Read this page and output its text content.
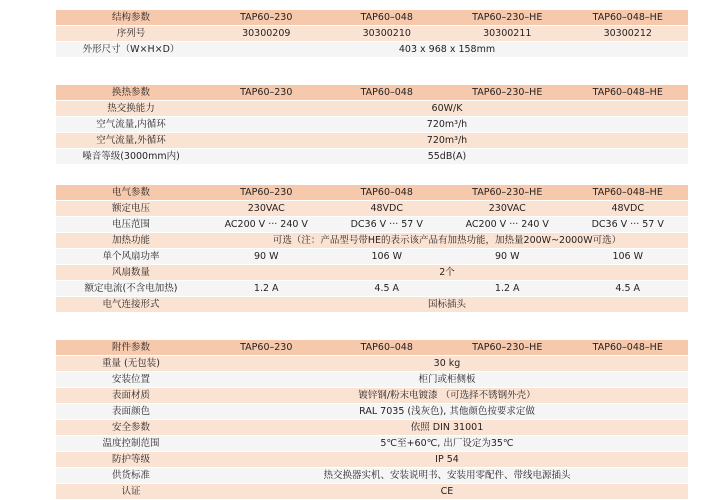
结构参数	TAP60–230	TAP60–048	TAP60–230–HE	TAP60–048–HE
序列号	30300209	30300210	30300211	30300212
外形尺寸（W×H×D）	403 x 968 x 158mm			
换热参数	TAP60–230	TAP60–048	TAP60–230–HE	TAP60–048–HE
热交换能力	60W/K			
空气流量,内循环	720m³/h			
空气流量,外循环	720m³/h			
噪音等级(3000mm内)	55dB(A)			
电气参数	TAP60–230	TAP60–048	TAP60–230–HE	TAP60–048–HE
额定电压	230VAC	48VDC	230VAC	48VDC
电压范围	AC200 V ··· 240 V	DC36 V ··· 57 V	AC200 V ··· 240 V	DC36 V ··· 57 V
加热功能	可选（注：产品型号带HE的表示该产品有加热功能，加热量200W~2000W可选）			
单个风扇功率	90 W	106 W	90 W	106 W
风扇数量	2个			
额定电流(不含电加热)	1.2 A	4.5 A	1.2 A	4.5 A
电气连接形式	国标插头			
附件参数	TAP60–230	TAP60–048	TAP60–230–HE	TAP60–048–HE
重量 (无包装)	30 kg			
安装位置	柜门或柜侧板			
表面材质	镀锌钢/粉末电镀漆 （可选择不锈钢外壳）			
表面颜色	RAL 7035 (浅灰色), 其他颜色按要求定做			
安全参数	依照 DIN 31001			
温度控制范围	5℃至+60℃, 出厂设定为35℃			
防护等级	IP 54			
供货标准	热交换器实机、安装说明书、安装用零配件、带线电源插头			
认证	CE			
